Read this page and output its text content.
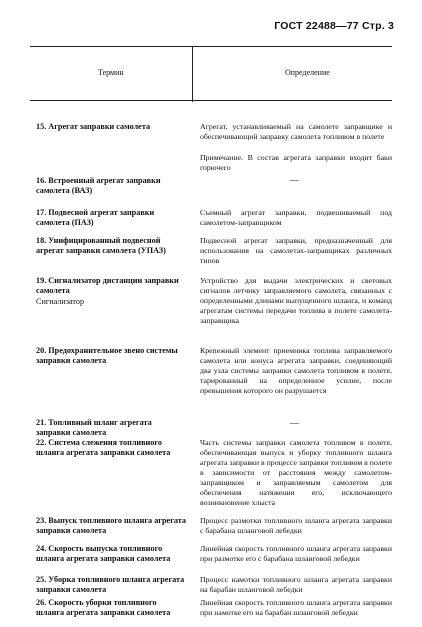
ГОСТ 22488—77 Стр. 3
Термин	Определение
15. Агрегат заправки самолета	Агрегат, устанавливаемый на самолете заправщике и обеспечивающий заправку самолета топливом в полете
Примечание. В состав агрегата заправки входит баки горючего
16. Встроенный агрегат заправки самолета (ВАЗ)
—
17. Подвесной агрегат заправки самолета (ПАЗ)
Съемный агрегат заправки, подвешиваемый под самолетом-заправщиком
18. Унифицированный подвесной агрегат заправки самолета (УПАЗ)
Подвесной агрегат заправки, предназначенный для использования на самолетах-заправщиках различных типов
19. Сигнализатор дистанции заправки самолета
Сигнализатор
Устройство для выдачи электрических и световых сигналов летчику заправляемого самолета, связанных с определенными длинами выпущенного шланга, и команд агрегатам системы передачи топлива в полете самолета-заправщика
20. Предохранительное звено системы заправки самолета
Крепежный элемент приемника топлива заправляемого самолета или конуса агрегата заправки, соединяющий два узла системы заправки самолета топливом в полете, тарированный на определенное усилие, после превышения которого он разрушается
21. Топливный шланг агрегата заправки самолета
—
22. Система слежения топливного шланга агрегата заправки самолета
Часть системы заправки самолета топливом в полете, обеспечивающая выпуск и уборку топливного шланга агрегата заправки в процессе заправки топливом в полете в зависимости от расстояния между самолетом-заправщиком и заправляемым самолетом для обеспечения натяжения его, исключающего возникновение хлыста
23. Выпуск топливного шланга агрегата заправки самолета
Процесс размотки топливного шланга агрегата заправки с барабана шланговой лебедки
24. Скорость выпуска топливного шланга агрегата заправки самолета
Линейная скорость топливного шланга агрегата заправки при размотке его с барабана шланговой лебедки
25. Уборка топливного шланга агрегата заправки самолета
Процесс намотки топливного шланга агрегата заправки на барабан шланговой лебедки
26. Скорость уборки топливного шланга агрегата заправки самолета
Линейная скорость топливного шланга агрегата заправки при намотке его на барабан шланговой лебедки
